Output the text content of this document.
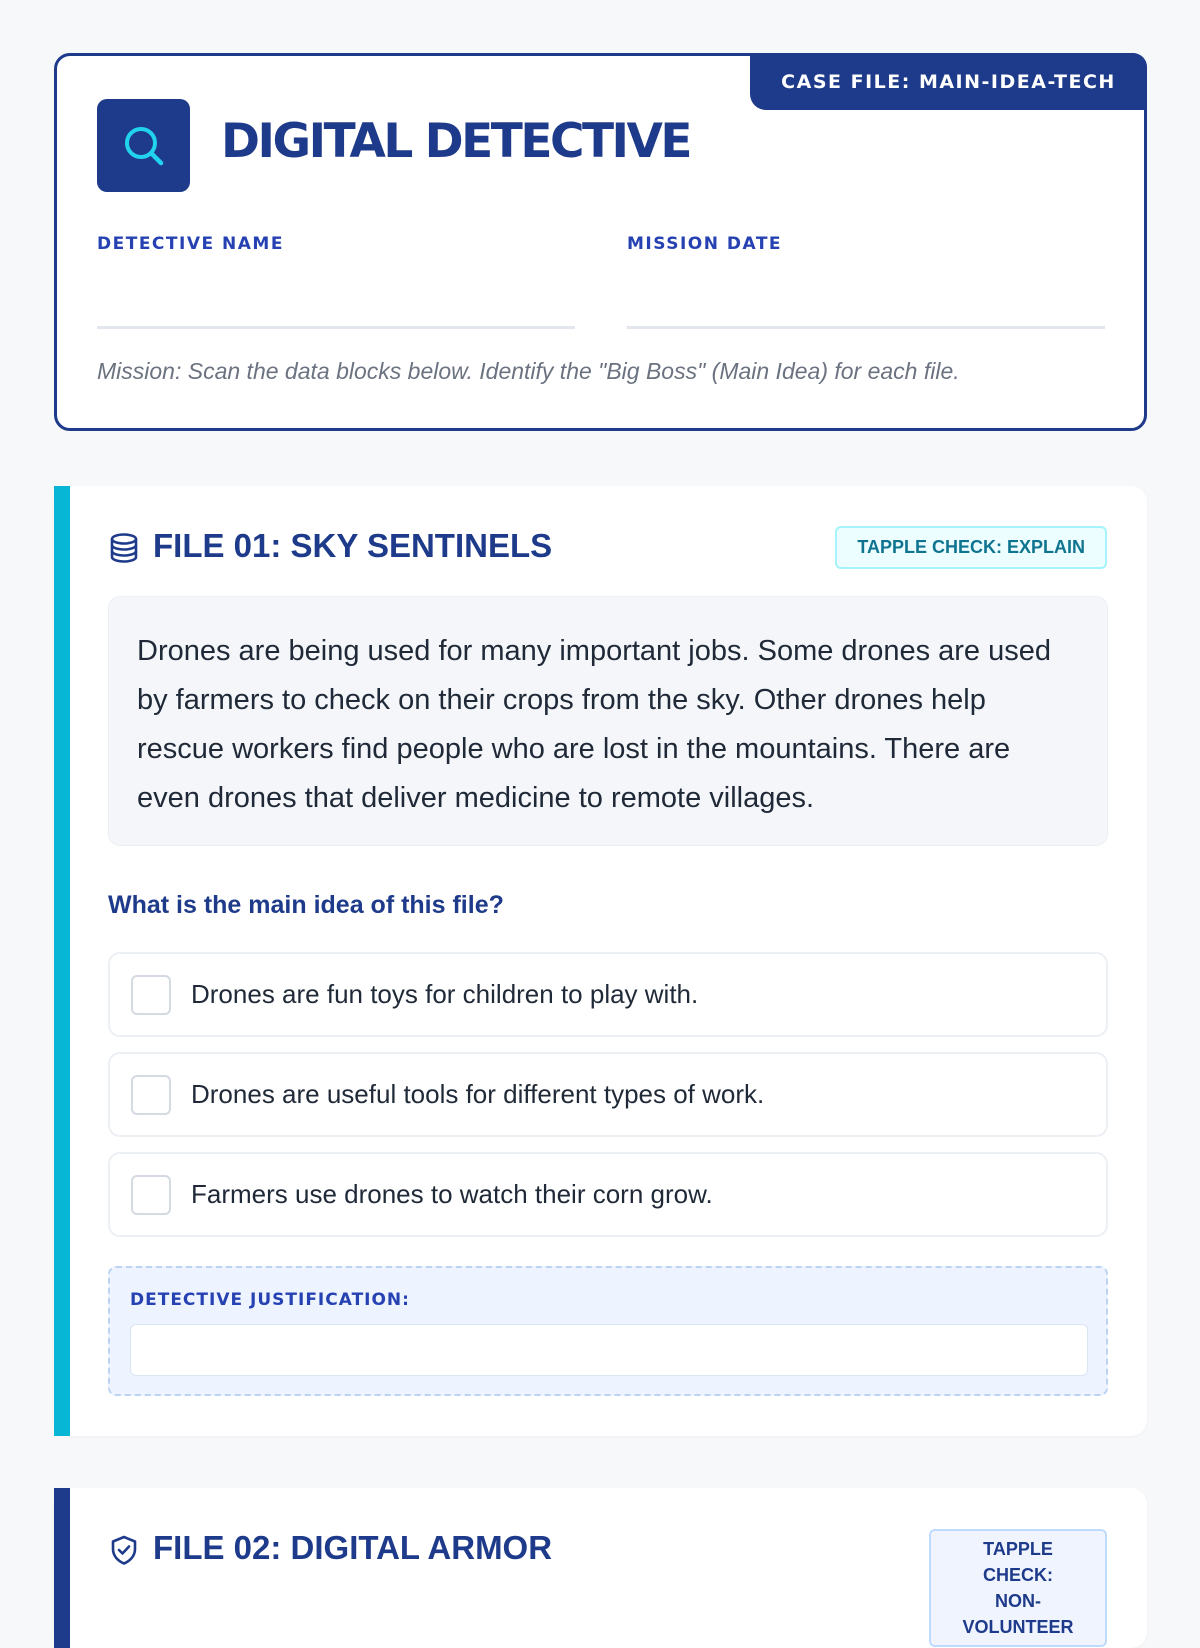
CASE FILE: MAIN-IDEA-TECH
DIGITAL DETECTIVE
DETECTIVE NAME	MISSION DATE
Mission: Scan the data blocks below. Identify the "Big Boss" (Main Idea) for each file.
FILE 01: SKY SENTINELS	TAPPLE CHECK: EXPLAIN
Drones are being used for many important jobs. Some drones are used by farmers to check on their crops from the sky. Other drones help rescue workers find people who are lost in the mountains. There are even drones that deliver medicine to remote villages.
What is the main idea of this file?
Drones are fun toys for children to play with.
Drones are useful tools for different types of work.
Farmers use drones to watch their corn grow.
DETECTIVE JUSTIFICATION:
FILE 02: DIGITAL ARMOR	TAPPLE CHECK:
NON-VOLUNTEER
